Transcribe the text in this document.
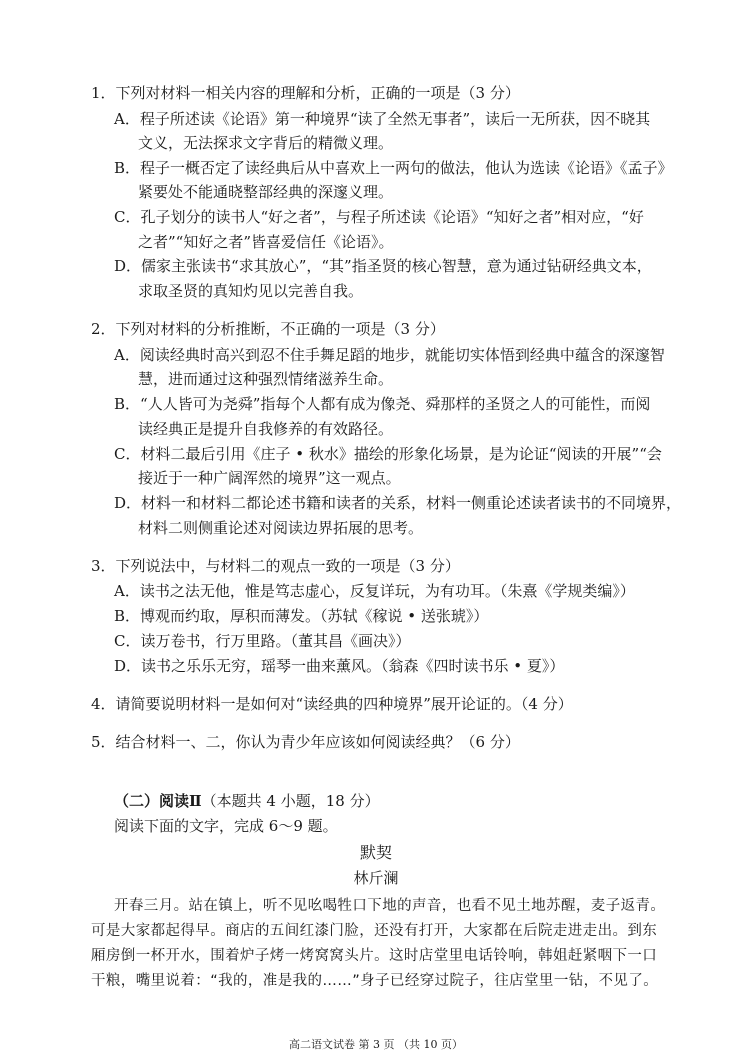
1．下列对材料一相关内容的理解和分析，正确的一项是（3 分）
A．程子所述读《论语》第一种境界“读了全然无事者”，读后一无所获，因不晓其
文义，无法探求文字背后的精微义理。
B．程子一概否定了读经典后从中喜欢上一两句的做法，他认为选读《论语》《孟子》
紧要处不能通晓整部经典的深邃义理。
C．孔子划分的读书人“好之者”，与程子所述读《论语》“知好之者”相对应，“好
之者”“知好之者”皆喜爱信任《论语》。
D．儒家主张读书“求其放心”，“其”指圣贤的核心智慧，意为通过钻研经典文本，
求取圣贤的真知灼见以完善自我。
2．下列对材料的分析推断，不正确的一项是（3 分）
A．阅读经典时高兴到忍不住手舞足蹈的地步，就能切实体悟到经典中蕴含的深邃智
慧，进而通过这种强烈情绪滋养生命。
B．“人人皆可为尧舜”指每个人都有成为像尧、舜那样的圣贤之人的可能性，而阅
读经典正是提升自我修养的有效路径。
C．材料二最后引用《庄子 • 秋水》描绘的形象化场景，是为论证“阅读的开展”“会
接近于一种广阔浑然的境界”这一观点。
D．材料一和材料二都论述书籍和读者的关系，材料一侧重论述读者读书的不同境界，
材料二则侧重论述对阅读边界拓展的思考。
3．下列说法中，与材料二的观点一致的一项是（3 分）
A．读书之法无他，惟是笃志虚心，反复详玩，为有功耳。（朱熹《学规类编》）
B．博观而约取，厚积而薄发。（苏轼《稼说 • 送张琥》）
C．读万卷书，行万里路。（董其昌《画决》）
D．读书之乐乐无穷，瑶琴一曲来薰风。（翁森《四时读书乐 • 夏》）
4．请简要说明材料一是如何对“读经典的四种境界”展开论证的。（4 分）
5．结合材料一、二，你认为青少年应该如何阅读经典？（6 分）
（二）阅读Ⅱ（本题共 4 小题，18 分）
阅读下面的文字，完成 6～9 题。
默契
林斤澜
开春三月。站在镇上，听不见吆喝牲口下地的声音，也看不见土地苏醒，麦子返青。
可是大家都起得早。商店的五间红漆门脸，还没有打开，大家都在后院走进走出。到东
厢房倒一杯开水，围着炉子烤一烤窝窝头片。这时店堂里电话铃响，韩姐赶紧咽下一口
干粮，嘴里说着：“我的，准是我的……”身子已经穿过院子，往店堂里一钻，不见了。
高二语文试卷 第 3 页 （共 10 页）
